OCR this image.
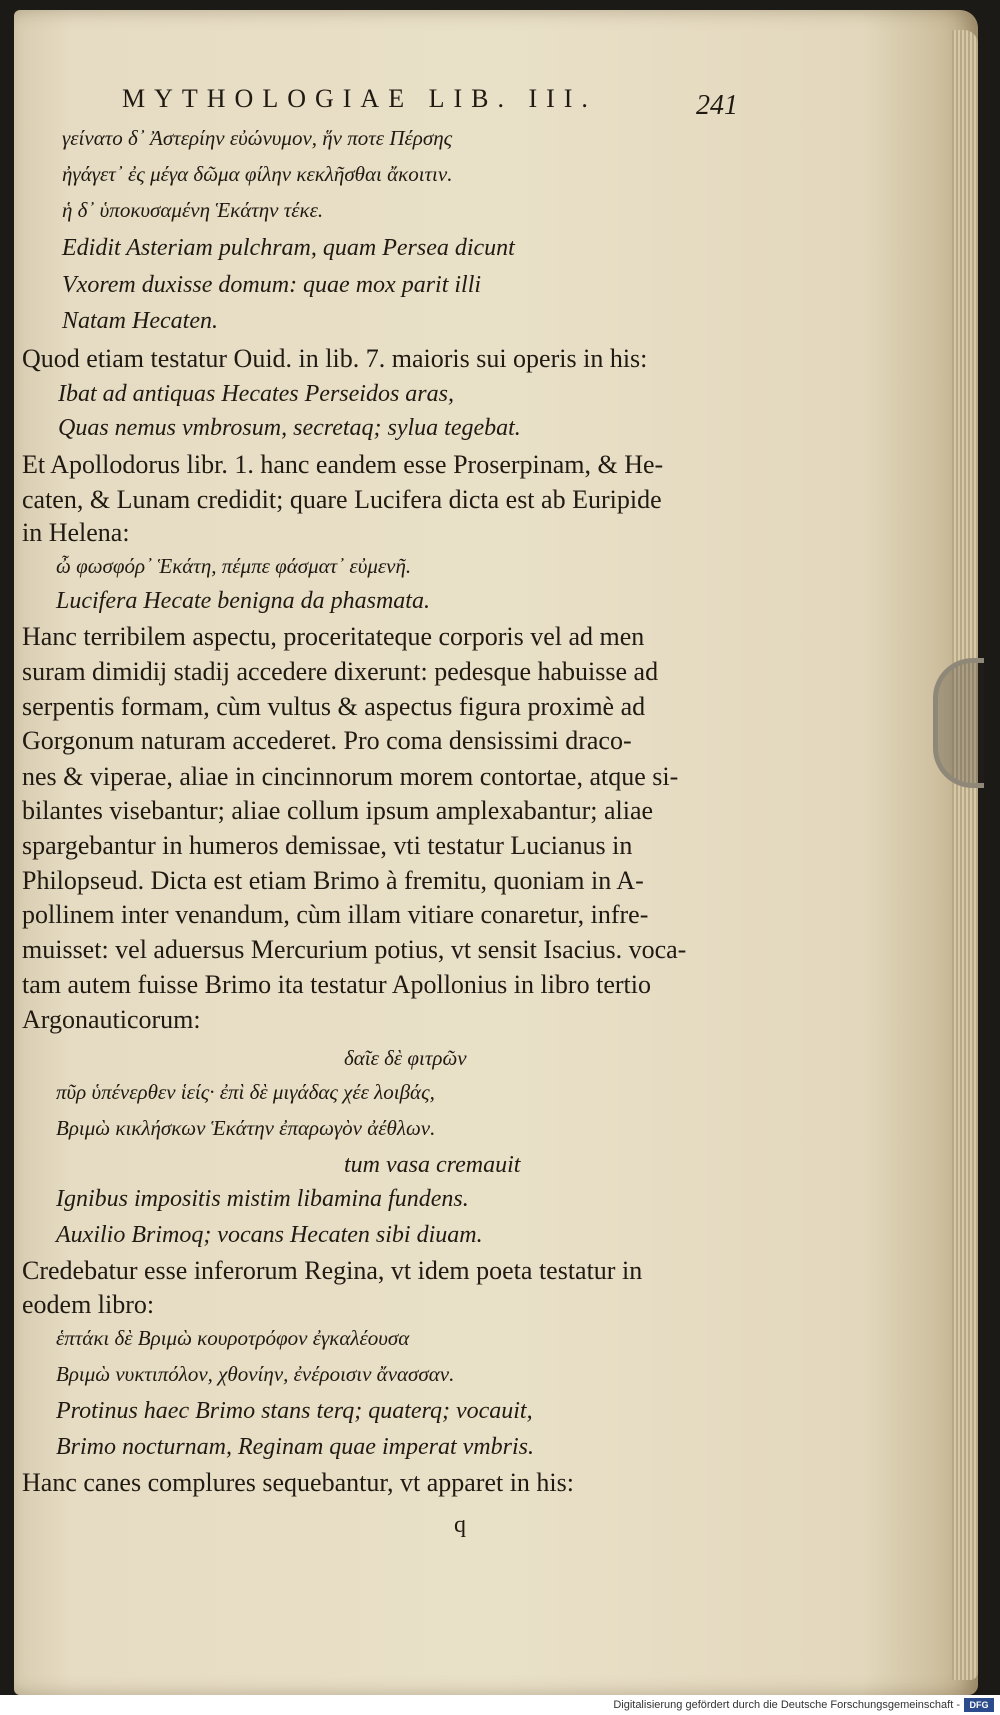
MYTHOLOGIAE LIB. III.	241
γείνατο δ᾽ Ἀστερίην εὐώνυμον, ἥν ποτε Πέρσης
ἠγάγετ᾽ ἐς μέγα δῶμα φίλην κεκλῆσθαι ἄκοιτιν.
ἡ δ᾽ ὑποκυσαμένη Ἑκάτην τέκε.
Edidit Asteriam pulchram, quam Persea dicunt
Vxorem duxisse domum: quae mox parit illi
Natam Hecaten.
Quod etiam testatur Ouid. in lib. 7. maioris sui operis in his:
Ibat ad antiquas Hecates Perseidos aras,
Quas nemus vmbrosum, secretaq; sylua tegebat.
Et Apollodorus libr. 1. hanc eandem esse Proserpinam, & He-
caten, & Lunam credidit; quare Lucifera dicta est ab Euripide
in Helena:
ὦ φωσφόρ᾽ Ἑκάτη, πέμπε φάσματ᾽ εὐμενῆ.
Lucifera Hecate benigna da phasmata.
Hanc terribilem aspectu, proceritateque corporis vel ad men
suram dimidij stadij accedere dixerunt: pedesque habuisse ad
serpentis formam, cùm vultus & aspectus figura proximè ad
Gorgonum naturam accederet. Pro coma densissimi draco-
nes & viperae, aliae in cincinnorum morem contortae, atque si-
bilantes visebantur; aliae collum ipsum amplexabantur; aliae
spargebantur in humeros demissae, vti testatur Lucianus in
Philopseud. Dicta est etiam Brimo à fremitu, quoniam in A-
pollinem inter venandum, cùm illam vitiare conaretur, infre-
muisset: vel aduersus Mercurium potius, vt sensit Isacius. voca-
tam autem fuisse Brimo ita testatur Apollonius in libro tertio
Argonauticorum:
δαῖε δὲ φιτρῶν
πῦρ ὑπένερθεν ἱείς· ἐπὶ δὲ μιγάδας χέε λοιβάς,
Βριμὼ κικλήσκων Ἑκάτην ἐπαρωγὸν ἀέθλων.
tum vasa cremauit
Ignibus impositis mistim libamina fundens.
Auxilio Brimoq; vocans Hecaten sibi diuam.
Credebatur esse inferorum Regina, vt idem poeta testatur in
eodem libro:
ἑπτάκι δὲ Βριμὼ κουροτρόφον ἐγκαλέουσα
Βριμὼ νυκτιπόλον, χθονίην, ἐνέροισιν ἄνασσαν.
Protinus haec Brimo stans terq; quaterq; vocauit,
Brimo nocturnam, Reginam quae imperat vmbris.
Hanc canes complures sequebantur, vt apparet in his:
q
Digitalisierung gefördert durch die Deutsche Forschungsgemeinschaft -	DFG
